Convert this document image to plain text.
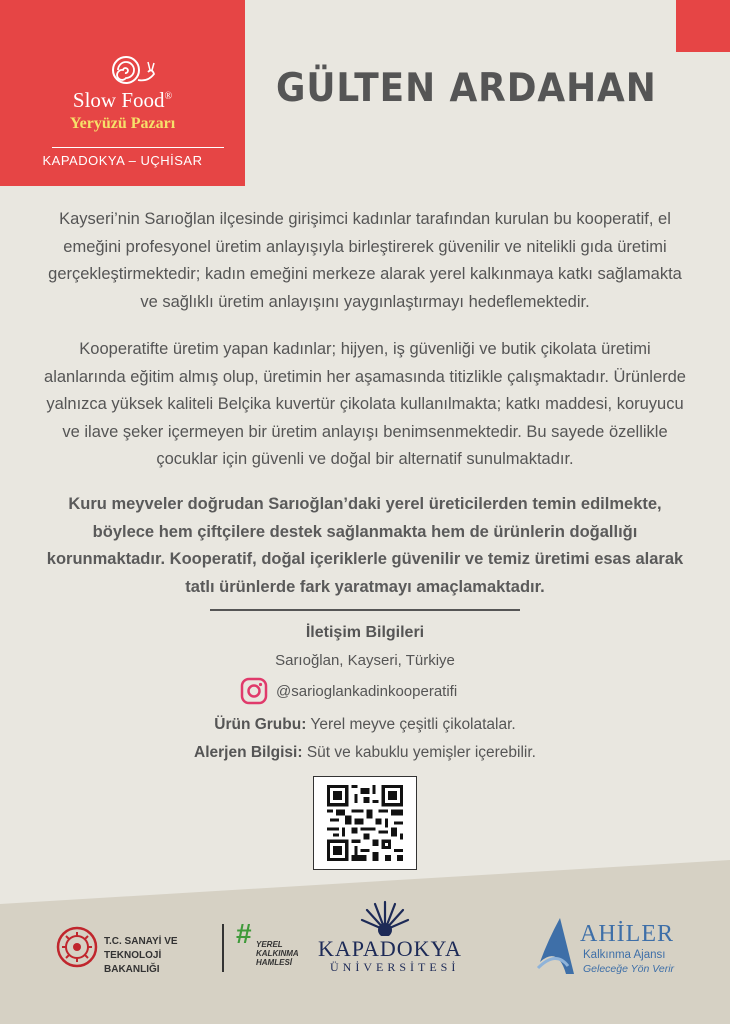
Slow Food®
Yeryüzü Pazarı
KAPADOKYA – UÇHİSAR
GÜLTEN ARDAHAN
Kayseri’nin Sarıoğlan ilçesinde girişimci kadınlar tarafından kurulan bu kooperatif, el emeğini profesyonel üretim anlayışıyla birleştirerek güvenilir ve nitelikli gıda üretimi gerçekleştirmektedir; kadın emeğini merkeze alarak yerel kalkınmaya katkı sağlamakta ve sağlıklı üretim anlayışını yaygınlaştırmayı hedeflemektedir.
Kooperatifte üretim yapan kadınlar; hijyen, iş güvenliği ve butik çikolata üretimi alanlarında eğitim almış olup, üretimin her aşamasında titizlikle çalışmaktadır. Ürünlerde yalnızca yüksek kaliteli Belçika kuvertür çikolata kullanılmakta; katkı maddesi, koruyucu ve ilave şeker içermeyen bir üretim anlayışı benimsenmektedir. Bu sayede özellikle çocuklar için güvenli ve doğal bir alternatif sunulmaktadır.
Kuru meyveler doğrudan Sarıoğlan’daki yerel üreticilerden temin edilmekte, böylece hem çiftçilere destek sağlanmakta hem de ürünlerin doğallığı korunmaktadır. Kooperatif, doğal içeriklerle güvenilir ve temiz üretimi esas alarak tatlı ürünlerde fark yaratmayı amaçlamaktadır.
İletişim Bilgileri
Sarıoğlan, Kayseri, Türkiye
@sarioglankadinkooperatifi
Ürün Grubu: Yerel meyve çeşitli çikolatalar.
Alerjen Bilgisi: Süt ve kabuklu yemişler içerebilir.
T.C. SANAYİ VE TEKNOLOJİ BAKANLIĞI
# YEREL
KALKINMA
HAMLESİ
KAPADOKYA
ÜNİVERSİTESİ
AHİLER
Kalkınma Ajansı
Geleceğe Yön Verir
